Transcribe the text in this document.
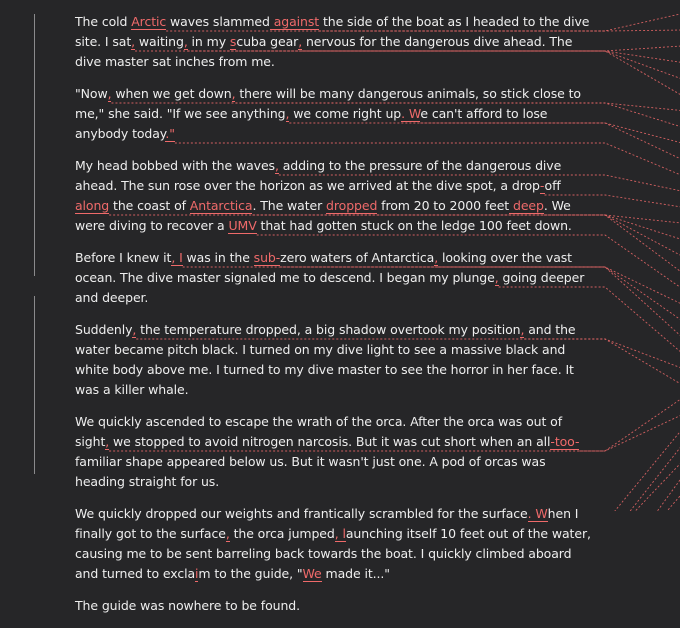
The cold Arctic waves slammed against the side of the boat as I headed to the dive site. I sat, waiting, in my scuba gear, nervous for the dangerous dive ahead. The dive master sat inches from me.

"Now, when we get down, there will be many dangerous animals, so stick close to me," she said. "If we see anything, we come right up. We can't afford to lose anybody today."

My head bobbed with the waves, adding to the pressure of the dangerous dive ahead. The sun rose over the horizon as we arrived at the dive spot, a drop-off along the coast of Antarctica. The water dropped from 20 to 2000 feet deep. We were diving to recover a UMV that had gotten stuck on the ledge 100 feet down.

Before I knew it, I was in the sub-zero waters of Antarctica, looking over the vast ocean. The dive master signaled me to descend. I began my plunge, going deeper and deeper.

Suddenly, the temperature dropped, a big shadow overtook my position, and the water became pitch black. I turned on my dive light to see a massive black and white body above me. I turned to my dive master to see the horror in her face. It was a killer whale.

We quickly ascended to escape the wrath of the orca. After the orca was out of sight, we stopped to avoid nitrogen narcosis. But it was cut short when an all-too-familiar shape appeared below us. But it wasn't just one. A pod of orcas was heading straight for us.

We quickly dropped our weights and frantically scrambled for the surface. When I finally got to the surface, the orca jumped, launching itself 10 feet out of the water, causing me to be sent barreling back towards the boat. I quickly climbed aboard and turned to exclaim to the guide, "We made it..."

The guide was nowhere to be found.
